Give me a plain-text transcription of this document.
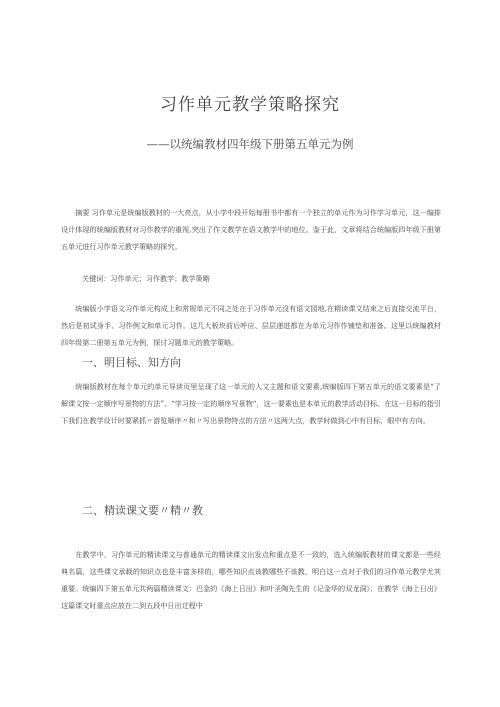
习作单元教学策略探究
——以统编教材四年级下册第五单元为例
摘要 习作单元是统编版教材的一大亮点，从小学中段开始每册书中都有一个独立的单元作为习作学习单元，这一编排设计体现的统编版教材对习作教学的重视,突出了作文教学在语文教学中的地位。鉴于此，文章将结合统编版四年级下册第五单元进行习作单元教学策略的探究。
关键词：习作单元；习作教学；教学策略
统编版小学语文习作单元构成上和常规单元不同之处在于习作单元没有语文园地,在精读课文结束之后直接交流平台，然后是初试身手、习作例文和单元习作。这几大板块前后呼应、层层递进都在为单元习作作铺垫和准备。这里以统编教材四年级第二册第五单元为例，探讨习题单元的教学策略。
一、明目标、知方向
统编版教材在每个单元的单元导读页里呈现了这一单元的人文主题和语文要素,统编版四下第五单元的语文要素是“了解课文按一定顺序写景物的方法”、“学习按一定的顺序写景物“，这一要素也是本单元的教学活动目标。在这一目标的指引下我们在教学设计时要紧抓〃游览顺序〃和〃写出景物特点的方法〃这两大点，教学时做到心中有目标，眼中有方向。
二、精读课文要〃精〃教
在教学中，习作单元的精读课文与普通单元的精读课文出发点和重点是不一致的，选入统编版教材的课文都是一些经典名篇，这些课文承载的知识点也是丰富多样的，哪些知识点该教哪些不该教，明白这一点对于我们的习作单元教学尤其重要。统编四下第五单元共两篇精读课文：巴金的《海上日出》和叶圣陶先生的《记金华的双龙洞》；在教学《海上日出》这篇课文时重点应放在二到五段中日出过程中
